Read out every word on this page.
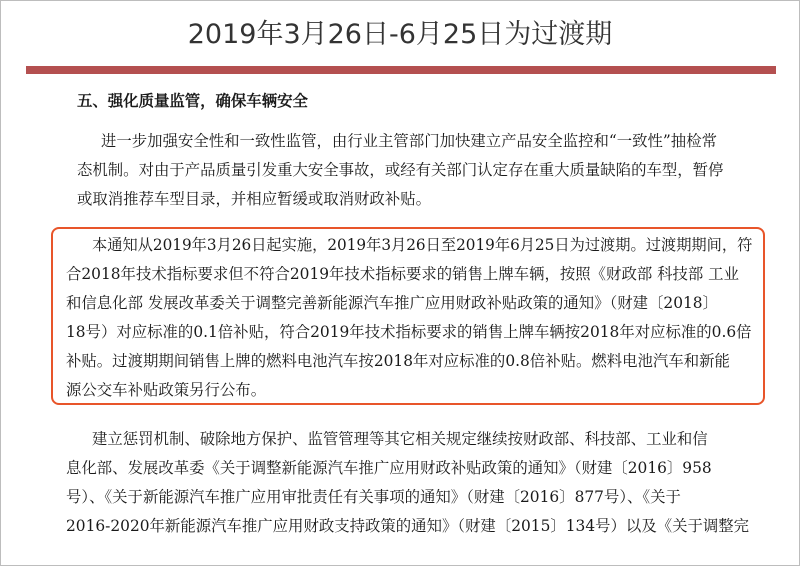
2019年3月26日-6月25日为过渡期
五、强化质量监管，确保车辆安全
进一步加强安全性和一致性监管，由行业主管部门加快建立产品安全监控和“一致性”抽检常
态机制。对由于产品质量引发重大安全事故，或经有关部门认定存在重大质量缺陷的车型，暂停
或取消推荐车型目录，并相应暂缓或取消财政补贴。
本通知从2019年3月26日起实施，2019年3月26日至2019年6月25日为过渡期。过渡期期间，符
合2018年技术指标要求但不符合2019年技术指标要求的销售上牌车辆，按照《财政部 科技部 工业
和信息化部 发展改革委关于调整完善新能源汽车推广应用财政补贴政策的通知》（财建〔2018〕
18号）对应标准的0.1倍补贴，符合2019年技术指标要求的销售上牌车辆按2018年对应标准的0.6倍
补贴。过渡期期间销售上牌的燃料电池汽车按2018年对应标准的0.8倍补贴。燃料电池汽车和新能
源公交车补贴政策另行公布。
建立惩罚机制、破除地方保护、监管管理等其它相关规定继续按财政部、科技部、工业和信
息化部、发展改革委《关于调整新能源汽车推广应用财政补贴政策的通知》（财建〔2016〕958
号）、《关于新能源汽车推广应用审批责任有关事项的通知》（财建〔2016〕877号）、《关于
2016-2020年新能源汽车推广应用财政支持政策的通知》（财建〔2015〕134号）以及《关于调整完
